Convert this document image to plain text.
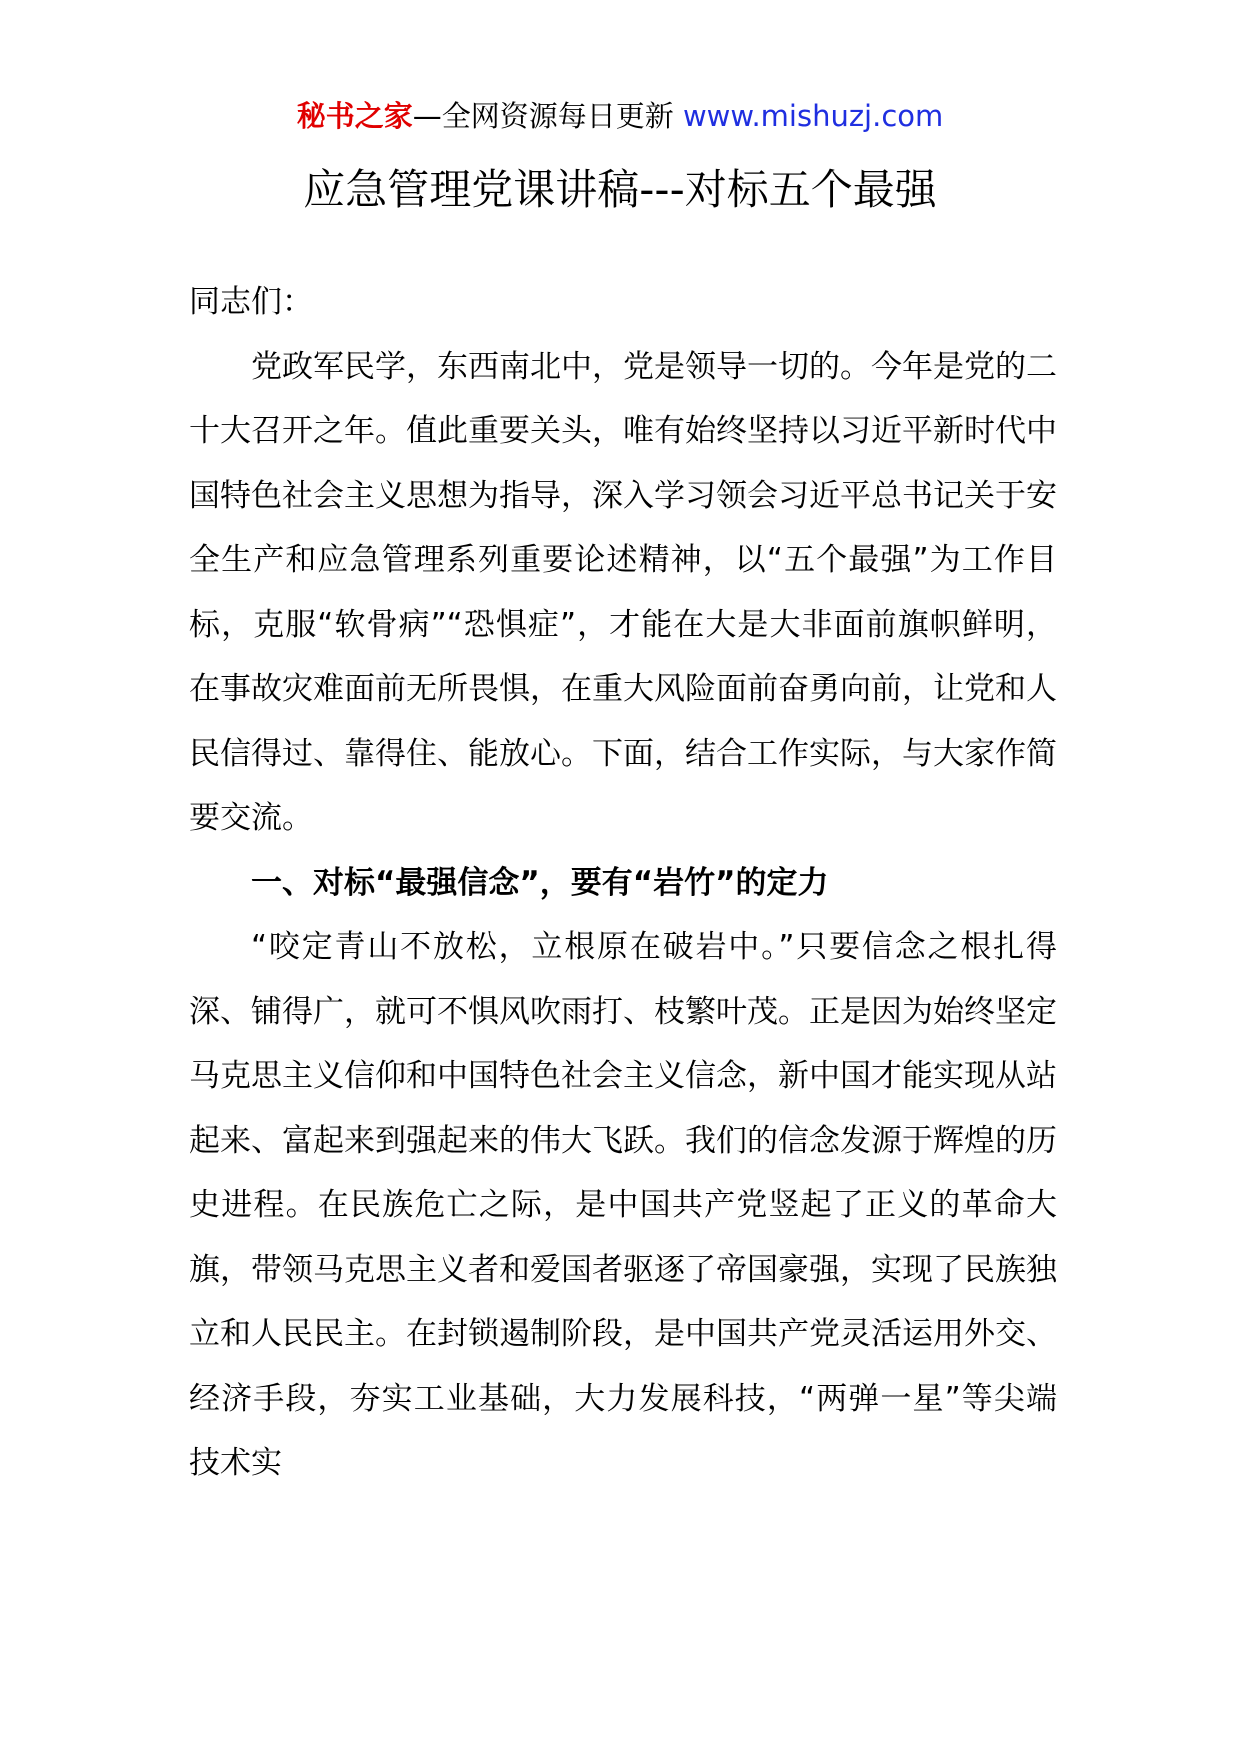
秘书之家—全网资源每日更新 www.mishuzj.com
应急管理党课讲稿---对标五个最强

同志们：

党政军民学，东西南北中，党是领导一切的。今年是党的二十大召开之年。值此重要关头，唯有始终坚持以习近平新时代中国特色社会主义思想为指导，深入学习领会习近平总书记关于安全生产和应急管理系列重要论述精神，以“五个最强”为工作目标，克服“软骨病”“恐惧症”，才能在大是大非面前旗帜鲜明，在事故灾难面前无所畏惧，在重大风险面前奋勇向前，让党和人民信得过、靠得住、能放心。下面，结合工作实际，与大家作简要交流。

一、对标“最强信念”，要有“岩竹”的定力

“咬定青山不放松，立根原在破岩中。”只要信念之根扎得深、铺得广，就可不惧风吹雨打、枝繁叶茂。正是因为始终坚定马克思主义信仰和中国特色社会主义信念，新中国才能实现从站起来、富起来到强起来的伟大飞跃。我们的信念发源于辉煌的历史进程。在民族危亡之际，是中国共产党竖起了正义的革命大旗，带领马克思主义者和爱国者驱逐了帝国豪强，实现了民族独立和人民民主。在封锁遏制阶段，是中国共产党灵活运用外交、经济手段，夯实工业基础，大力发展科技，“两弹一星”等尖端技术实
